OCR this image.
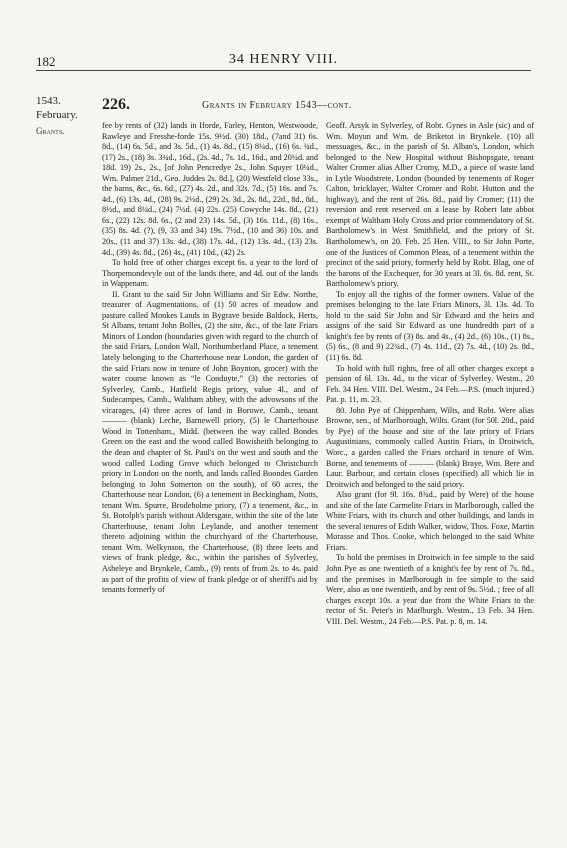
182	34 HENRY VIII.
1543.
February.
Grants.
226.	Grants in February 1543—cont.

fee by rents of (32) lands in Iforde, Farley, Henton, Westwoode, Rawleye and Fresshe-forde 15s. 9½d. (30) 18d., (7and 31) 6s. 8d., (14) 6s. 5d., and 3s. 5d., (1) 4s. 8d., (15) 8¼d., (16) 6s. ¾d., (17) 2s., (18) 3s. 3¾d., 16d., (2s. 4d., 7s. 1d., 16d., and 20¼d. and 18d. 19) 2s., 2s., [of John Pencredye 2s., John Squyer 10¼d., Wm. Palmer 21d., Geo. Juddes 2s. 8d.], (20) Westfeld close 33s., the barns, &c., 6s. 6d., (27) 4s. 2d., and 32s. 7d., (5) 16s. and 7s. 4d., (6) 13s. 4d., (28) 9s. 2½d., (29) 2s. 3d., 2s. 8d., 22d., 8d., 8d., 8½d., and 8¼d., (24) 7½d. (4) 22s. (25) Cowyche 14s. 8d., (21) 6s., (22) 12s. 8d. 6s., (2 and 23) 14s. 5d., (3) 16s. 11d., (8) 16s., (35) 8s. 4d. (?), (9, 33 and 34) 19s. 7½d., (10 and 36) 10s. and 20s., (11 and 37) 13s. 4d., (38) 17s. 4d., (12) 13s. 4d., (13) 23s. 4d., (39) 4s. 8d., (26) 4s., (41) 10d., (42) 2s.

To hold free of other charges except 6s. a year to the lord of Thorpemondevyle out of the lands there, and 4d. out of the lands in Wappenam.

II. Grant to the said Sir John Williams and Sir Edw. Northe, treasurer of Augmentations, of (1) 50 acres of meadow and pasture called Monkes Lands in Bygrave beside Baldock, Herts, St Albans, tenant John Bolles, (2) the site, &c., of the late Friars Minors of London (boundaries given with regard to the church of the said Friars, London Wall, Northumberland Place, a tenement lately belonging to the Charterhouse near London, the garden of the said Friars now in tenure of John Boynton, grocer) with the water course known as “le Conduyte,” (3) the rectories of Sylverley, Camb., Hatfield Regis priory, value 4l., and of Sudecampes, Camb., Waltham abbey, with the advowsons of the vicarages, (4) three acres of land in Borowe, Camb., tenant ——— (blank) Leche, Barnewell priory, (5) le Charterhouse Wood in Tottenham., Midd. (between the way called Bondes Green on the east and the wood called Bowisheith belonging to the dean and chapter of St. Paul's on the west and south and the wood called Loding Grove which belonged to Christchurch priory in London on the north, and lands called Boondes Garden belonging to John Somerton on the south), of 60 acres, the Charterhouse near London, (6) a tenement in Beckingham, Notts, tenant Wm. Spurre, Brodeholme priory, (7) a tenement, &c., in St. Botolph's parish without Aldersgate, within the site of the late Charterhouse, tenant John Leylande, and another tenement thereto adjoining within the churchyard of the Charterhouse, tenant Wm. Welkynson, the Charterhouse, (8) three leets and views of frank pledge, &c., within the parishes of Sylverley, Asheleye and Brynkele, Camb., (9) rents of from 2s. to 4s. paid as part of the profits of view of frank pledge or of sheriff's aid by tenants formerly of

Geoff. Arsyk in Sylverley, of Robt. Gynes in Asle (sic) and of Wm. Moyun and Wm. de Briketot in Brynkele. (10) all messuages, &c., in the parish of St. Alban's, London, which belonged to the New Hospital without Bishopsgate, tenant Walter Cromer alias Alber Cromy, M.D., a piece of waste land in Lytle Woodstrete, London (bounded by tenements of Roger Calton, bricklayer, Walter Cromer and Robt. Hutton and the highway), and the rent of 26s. 8d., paid by Cromer; (11) the reversion and rent reserved on a lease by Robert late abbot exempt of Waltham Holy Cross and prior commendatory of St. Bartholomew's in West Smithfield, and the priory of St. Bartholomew's, on 20. Feb. 25 Hen. VIII., to Sir John Porte, one of the Justices of Common Pleas, of a tenement within the precinct of the said priory, formerly held by Robt. Blag, one of the barons of the Exchequer, for 30 years at 3l. 6s. 8d. rent, St. Bartholomew's priory.

To enjoy all the rights of the former owners. Value of the premises belonging to the late Friars Minors, 3l. 13s. 4d. To hold to the said Sir John and Sir Edward and the heirs and assigns of the said Sir Edward as one hundredth part of a knight's fee by rents of (3) 8s. and 4s., (4) 2d., (6) 10s., (1) 8s., (5) 6s., (8 and 9) 22¾d., (7) 4s. 11d., (2) 7s. 4d., (10) 2s. 8d., (11) 6s. 8d.

To hold with full rights, free of all other charges except a pension of 6l. 13s. 4d., to the vicar of Sylverley. Westm., 20 Feb. 34 Hen. VIII. Del. Westm., 24 Feb.—P.S. (much injured.) Pat. p. 11, m. 23.

80. John Pye of Chippenham, Wilts, and Robt. Were alias Browne, sen., of Marlborough, Wilts. Grant (for 50l. 20d., paid by Pye) of the house and site of the late priory of Friars Augustinians, commonly called Austin Friars, in Droitwich, Worc., a garden called the Friars orchard in tenure of Wm. Borne, and tenements of ——— (blank) Braye, Wm. Bere and Laur. Barbour, and certain closes (specified) all which lie in Droitwich and belonged to the said priory.

Also grant (for 9l. 16s. 8¾d., paid by Were) of the house and site of the late Carmelite Friars in Marlborough, called the White Friars, with its church and other buildings, and lands in the several tenures of Edith Walker, widow, Thos. Foxe, Martin Morasse and Thos. Cooke, which belonged to the said White Friars.

To hold the premises in Droitwich in fee simple to the said John Pye as one twentieth of a knight's fee by rent of 7s. 8d., and the premises in Marlborough in fee simple to the said Were, also as one twentieth, and by rent of 9s. 5½d. ; free of all charges except 10s. a year due from the White Friars to the rector of St. Peter's in Marlburgh. Westm., 13 Feb. 34 Hen. VIII. Del. Westm., 24 Feb.—P.S. Pat. p. 8, m. 14.
